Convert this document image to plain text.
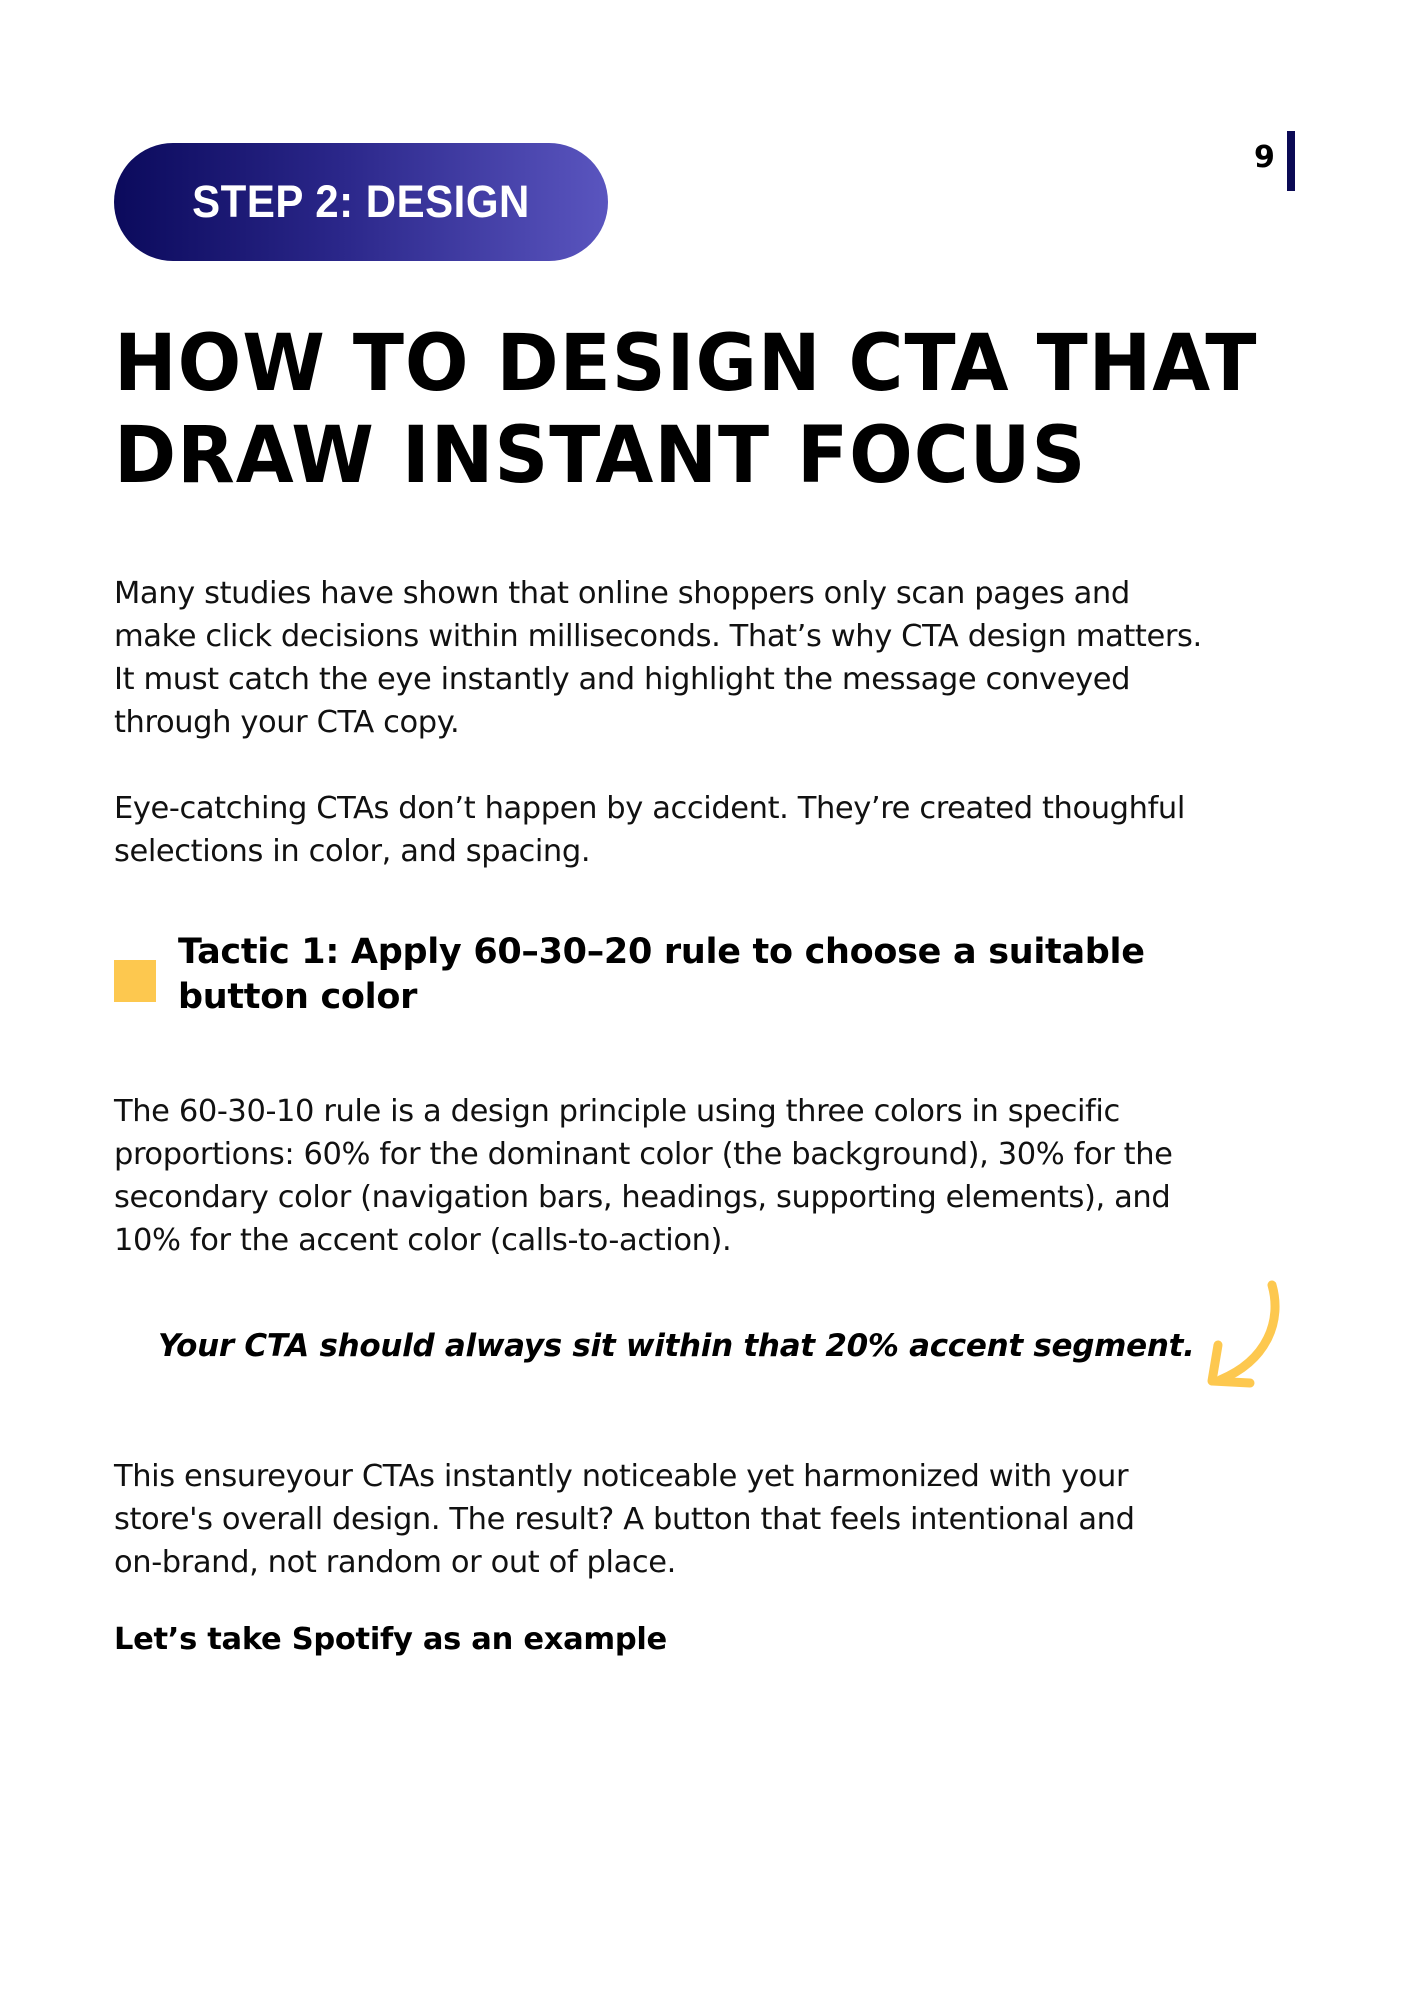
STEP 2: DESIGN
9
HOW TO DESIGN CTA THAT
DRAW INSTANT FOCUS

Many studies have shown that online shoppers only scan pages and
make click decisions within milliseconds. That’s why CTA design matters.
It must catch the eye instantly and highlight the message conveyed
through your CTA copy.

Eye-catching CTAs don’t happen by accident. They’re created thoughful
selections in color, and spacing.

Tactic 1: Apply 60–30–20 rule to choose a suitable
button color

The 60-30-10 rule is a design principle using three colors in specific
proportions: 60% for the dominant color (the background), 30% for the
secondary color (navigation bars, headings, supporting elements), and
10% for the accent color (calls-to-action).

Your CTA should always sit within that 20% accent segment.

This ensureyour CTAs instantly noticeable yet harmonized with your
store's overall design. The result? A button that feels intentional and
on-brand, not random or out of place.

Let’s take Spotify as an example
